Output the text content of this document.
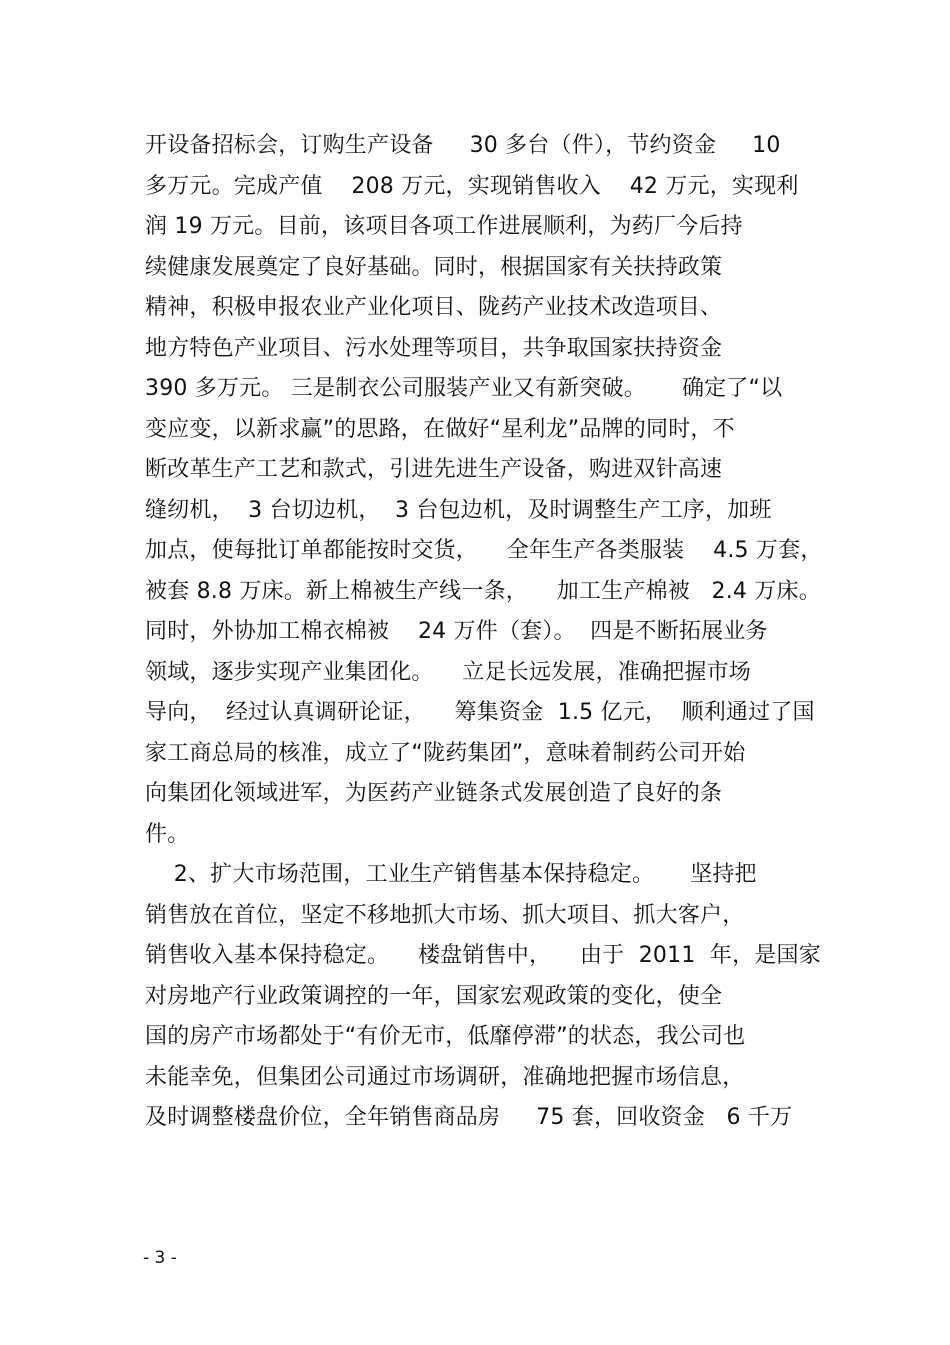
开设备招标会，订购生产设备     30 多台（件），节约资金     10
多万元。完成产值    208 万元，实现销售收入    42 万元，实现利
润 19 万元。目前，该项目各项工作进展顺利，为药厂今后持
续健康发展奠定了良好基础。同时，根据国家有关扶持政策
精神，积极申报农业产业化项目、陇药产业技术改造项目、
地方特色产业项目、污水处理等项目，共争取国家扶持资金
390 多万元。 三是制衣公司服装产业又有新突破。     确定了“以
变应变，以新求赢”的思路，在做好“星利龙”品牌的同时，不
断改革生产工艺和款式，引进先进生产设备，购进双针高速
缝纫机，  3 台切边机，  3 台包边机，及时调整生产工序，加班
加点，使每批订单都能按时交货，    全年生产各类服装    4.5 万套，
被套 8.8 万床。新上棉被生产线一条，    加工生产棉被   2.4 万床。
同时，外协加工棉衣棉被    24 万件（套）。  四是不断拓展业务
领域，逐步实现产业集团化。    立足长远发展，准确把握市场
导向，  经过认真调研论证，    筹集资金  1.5 亿元，  顺利通过了国
家工商总局的核准，成立了“陇药集团”，意味着制药公司开始
向集团化领域进军，为医药产业链条式发展创造了良好的条
件。
2、扩大市场范围，工业生产销售基本保持稳定。     坚持把
销售放在首位，坚定不移地抓大市场、抓大项目、抓大客户，
销售收入基本保持稳定。    楼盘销售中，    由于  2011  年，是国家
对房地产行业政策调控的一年，国家宏观政策的变化，使全
国的房产市场都处于“有价无市，低靡停滞”的状态，我公司也
未能幸免，但集团公司通过市场调研，准确地把握市场信息，
及时调整楼盘价位，全年销售商品房     75 套，回收资金   6 千万
- 3 -
